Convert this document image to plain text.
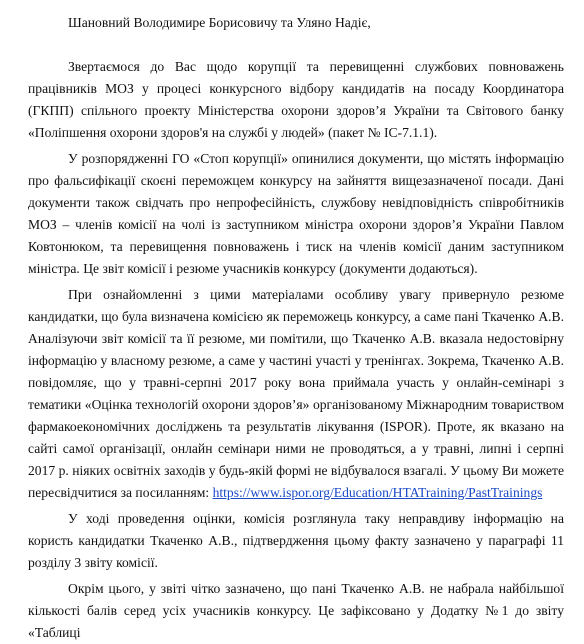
Шановний Володимире Борисовичу та Уляно Надіє,

Звертаємося до Вас щодо корупції та перевищенні службових повноважень працівників МОЗ у процесі конкурсного відбору кандидатів на посаду Координатора (ГКПП) спільного проекту Міністерства охорони здоров’я України та Світового банку «Поліпшення охорони здоров'я на службі у людей» (пакет № ІС-7.1.1).

У розпорядженні ГО «Стоп корупції» опинилися документи, що містять інформацію про фальсифікації скоєні переможцем конкурсу на зайняття вищезазначеної посади. Дані документи також свідчать про непрофесійність, службову невідповідність співробітників МОЗ – членів комісії на чолі із заступником міністра охорони здоров’я України Павлом Ковтонюком, та перевищення повноважень і тиск на членів комісії даним заступником міністра. Це звіт комісії і резюме учасників конкурсу (документи додаються).

При ознайомленні з цими матеріалами особливу увагу привернуло резюме кандидатки, що була визначена комісією як переможець конкурсу, а саме пані Ткаченко А.В. Аналізуючи звіт комісії та її резюме, ми помітили, що Ткаченко А.В. вказала недостовірну інформацію у власному резюме, а саме у частині участі у тренінгах. Зокрема, Ткаченко А.В. повідомляє, що у травні-серпні 2017 року вона приймала участь у онлайн-семінарі з тематики «Оцінка технологій охорони здоров’я» організованому Міжнародним товариством фармакоекономічних досліджень та результатів лікування (ISPOR). Проте, як вказано на сайті самої організації, онлайн семінари ними не проводяться, а у травні, липні і серпні 2017 р. ніяких освітніх заходів у будь-якій формі не відбувалося взагалі. У цьому Ви можете пересвідчитися за посиланням: https://www.ispor.org/Education/HTATraining/PastTrainings

У ході проведення оцінки, комісія розглянула таку неправдиву інформацію на користь кандидатки Ткаченко А.В., підтвердження цьому факту зазначено у параграфі 11 розділу 3 звіту комісії.

Окрім цього, у звіті чітко зазначено, що пані Ткаченко А.В. не набрала найбільшої кількості балів серед усіх учасників конкурсу. Це зафіксовано у Додатку №1 до звіту «Таблиці
